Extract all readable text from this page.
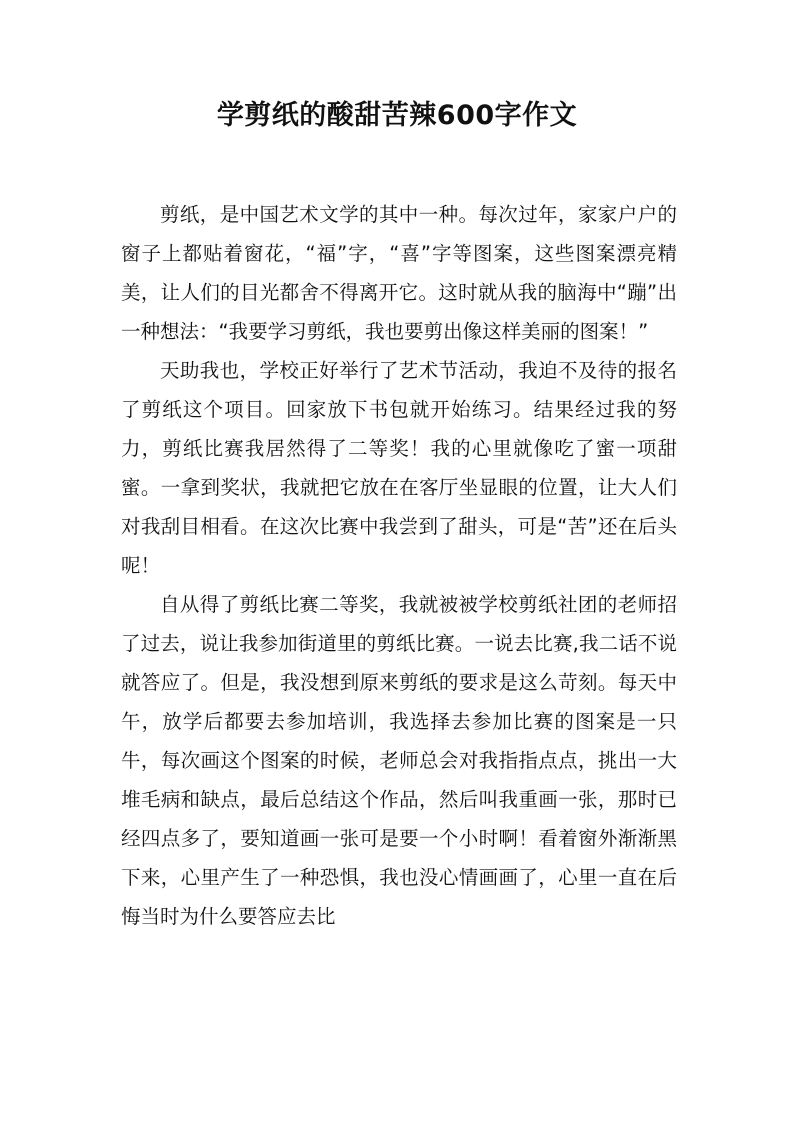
学剪纸的酸甜苦辣600字作文

剪纸，是中国艺术文学的其中一种。每次过年，家家户户的窗子上都贴着窗花，“福”字，“喜”字等图案，这些图案漂亮精美，让人们的目光都舍不得离开它。这时就从我的脑海中“蹦”出一种想法：“我要学习剪纸，我也要剪出像这样美丽的图案！”

天助我也，学校正好举行了艺术节活动，我迫不及待的报名了剪纸这个项目。回家放下书包就开始练习。结果经过我的努力，剪纸比赛我居然得了二等奖！我的心里就像吃了蜜一项甜蜜。一拿到奖状，我就把它放在在客厅坐显眼的位置，让大人们对我刮目相看。在这次比赛中我尝到了甜头，可是“苦”还在后头呢！

自从得了剪纸比赛二等奖，我就被被学校剪纸社团的老师招了过去，说让我参加街道里的剪纸比赛。一说去比赛,我二话不说就答应了。但是，我没想到原来剪纸的要求是这么苛刻。每天中午，放学后都要去参加培训，我选择去参加比赛的图案是一只牛，每次画这个图案的时候，老师总会对我指指点点，挑出一大堆毛病和缺点，最后总结这个作品，然后叫我重画一张，那时已经四点多了，要知道画一张可是要一个小时啊！看着窗外渐渐黑下来，心里产生了一种恐惧，我也没心情画画了，心里一直在后悔当时为什么要答应去比
